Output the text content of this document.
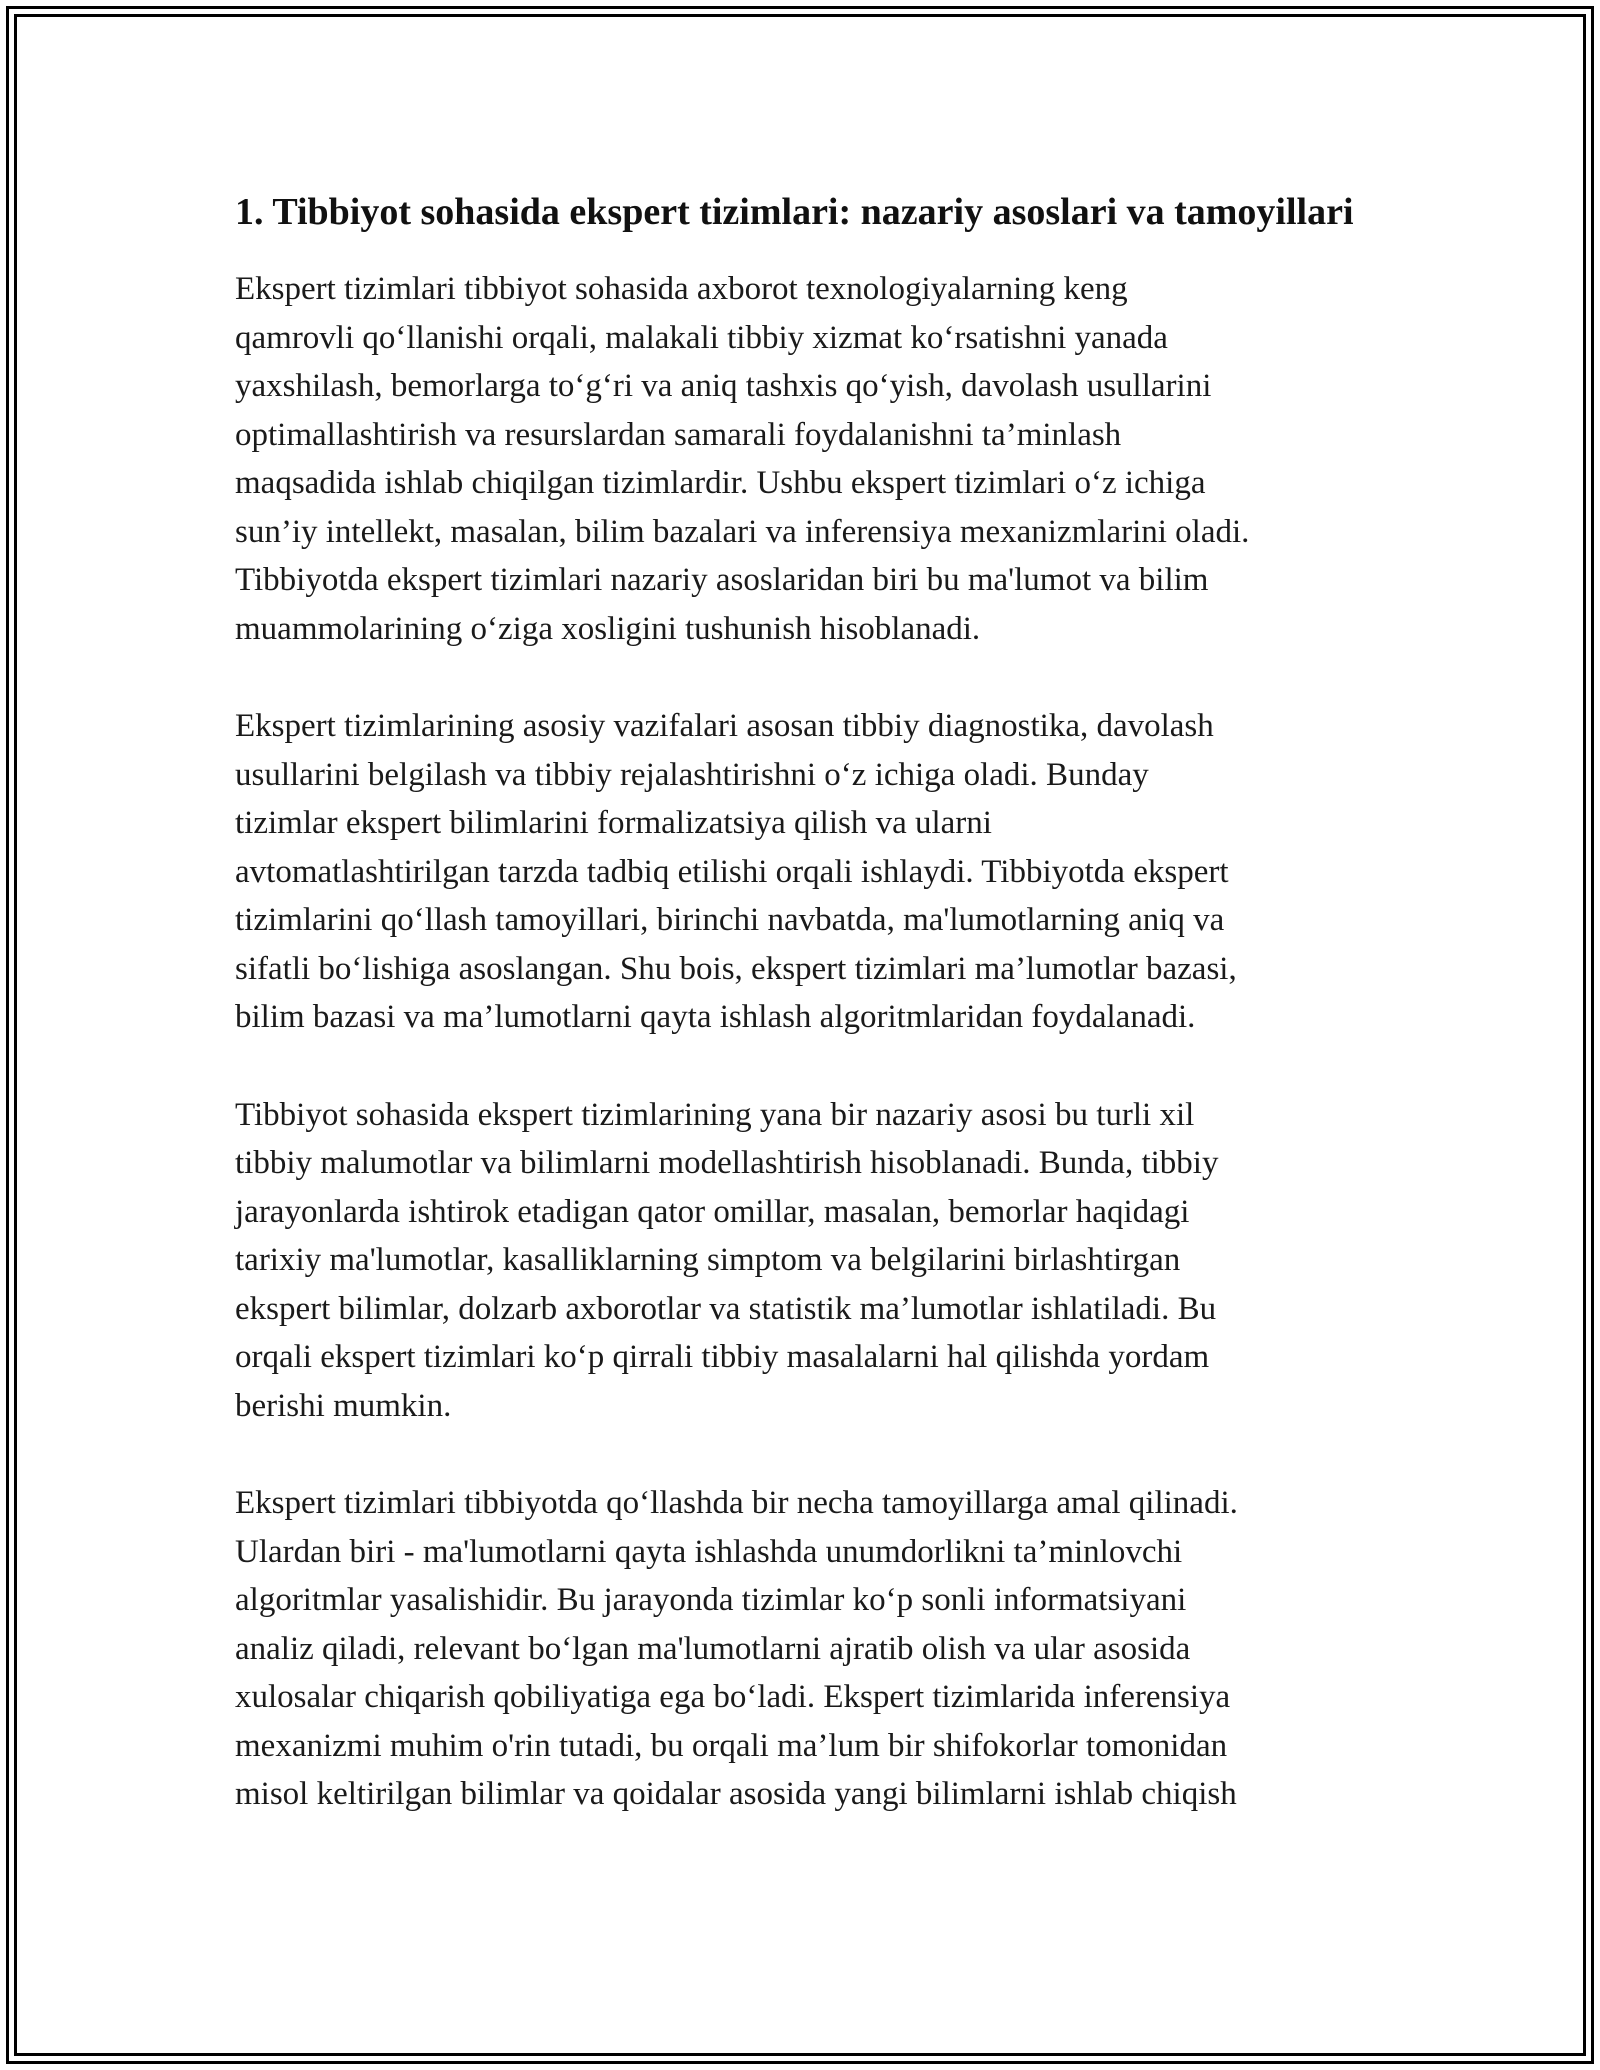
1. Tibbiyot sohasida ekspert tizimlari: nazariy asoslari va tamoyillari

Ekspert tizimlari tibbiyot sohasida axborot texnologiyalarning keng
qamrovli qo‘llanishi orqali, malakali tibbiy xizmat ko‘rsatishni yanada
yaxshilash, bemorlarga to‘g‘ri va aniq tashxis qo‘yish, davolash usullarini
optimallashtirish va resurslardan samarali foydalanishni ta’minlash
maqsadida ishlab chiqilgan tizimlardir. Ushbu ekspert tizimlari o‘z ichiga
sun’iy intellekt, masalan, bilim bazalari va inferensiya mexanizmlarini oladi.
Tibbiyotda ekspert tizimlari nazariy asoslaridan biri bu ma'lumot va bilim
muammolarining o‘ziga xosligini tushunish hisoblanadi.

Ekspert tizimlarining asosiy vazifalari asosan tibbiy diagnostika, davolash
usullarini belgilash va tibbiy rejalashtirishni o‘z ichiga oladi. Bunday
tizimlar ekspert bilimlarini formalizatsiya qilish va ularni
avtomatlashtirilgan tarzda tadbiq etilishi orqali ishlaydi. Tibbiyotda ekspert
tizimlarini qo‘llash tamoyillari, birinchi navbatda, ma'lumotlarning aniq va
sifatli bo‘lishiga asoslangan. Shu bois, ekspert tizimlari ma’lumotlar bazasi,
bilim bazasi va ma’lumotlarni qayta ishlash algoritmlaridan foydalanadi.

Tibbiyot sohasida ekspert tizimlarining yana bir nazariy asosi bu turli xil
tibbiy malumotlar va bilimlarni modellashtirish hisoblanadi. Bunda, tibbiy
jarayonlarda ishtirok etadigan qator omillar, masalan, bemorlar haqidagi
tarixiy ma'lumotlar, kasalliklarning simptom va belgilarini birlashtirgan
ekspert bilimlar, dolzarb axborotlar va statistik ma’lumotlar ishlatiladi. Bu
orqali ekspert tizimlari ko‘p qirrali tibbiy masalalarni hal qilishda yordam
berishi mumkin.

Ekspert tizimlari tibbiyotda qo‘llashda bir necha tamoyillarga amal qilinadi.
Ulardan biri - ma'lumotlarni qayta ishlashda unumdorlikni ta’minlovchi
algoritmlar yasalishidir. Bu jarayonda tizimlar ko‘p sonli informatsiyani
analiz qiladi, relevant bo‘lgan ma'lumotlarni ajratib olish va ular asosida
xulosalar chiqarish qobiliyatiga ega bo‘ladi. Ekspert tizimlarida inferensiya
mexanizmi muhim o'rin tutadi, bu orqali ma’lum bir shifokorlar tomonidan
misol keltirilgan bilimlar va qoidalar asosida yangi bilimlarni ishlab chiqish
